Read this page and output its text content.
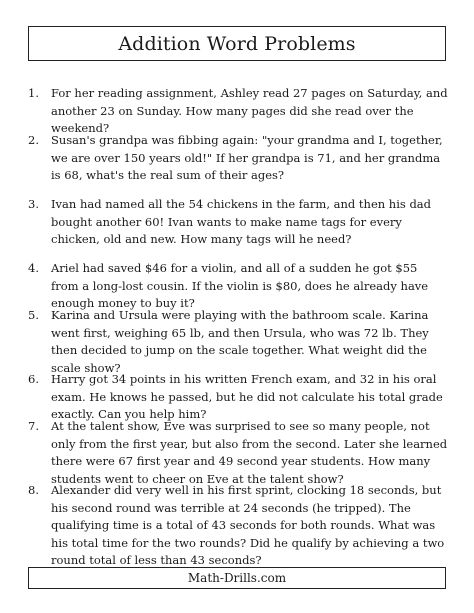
Addition Word Problems
1. For her reading assignment, Ashley read 27 pages on Saturday, and another 23 on Sunday. How many pages did she read over the weekend?
2. Susan's grandpa was fibbing again: "your grandma and I, together, we are over 150 years old!" If her grandpa is 71, and her grandma is 68, what's the real sum of their ages?
3. Ivan had named all the 54 chickens in the farm, and then his dad bought another 60! Ivan wants to make name tags for every chicken, old and new. How many tags will he need?
4. Ariel had saved $46 for a violin, and all of a sudden he got $55 from a long-lost cousin. If the violin is $80, does he already have enough money to buy it?
5. Karina and Ursula were playing with the bathroom scale. Karina went first, weighing 65 lb, and then Ursula, who was 72 lb. They then decided to jump on the scale together. What weight did the scale show?
6. Harry got 34 points in his written French exam, and 32 in his oral exam. He knows he passed, but he did not calculate his total grade exactly. Can you help him?
7. At the talent show, Eve was surprised to see so many people, not only from the first year, but also from the second. Later she learned there were 67 first year and 49 second year students. How many students went to cheer on Eve at the talent show?
8. Alexander did very well in his first sprint, clocking 18 seconds, but his second round was terrible at 24 seconds (he tripped). The qualifying time is a total of 43 seconds for both rounds. What was his total time for the two rounds? Did he qualify by achieving a two round total of less than 43 seconds?
Math-Drills.com
